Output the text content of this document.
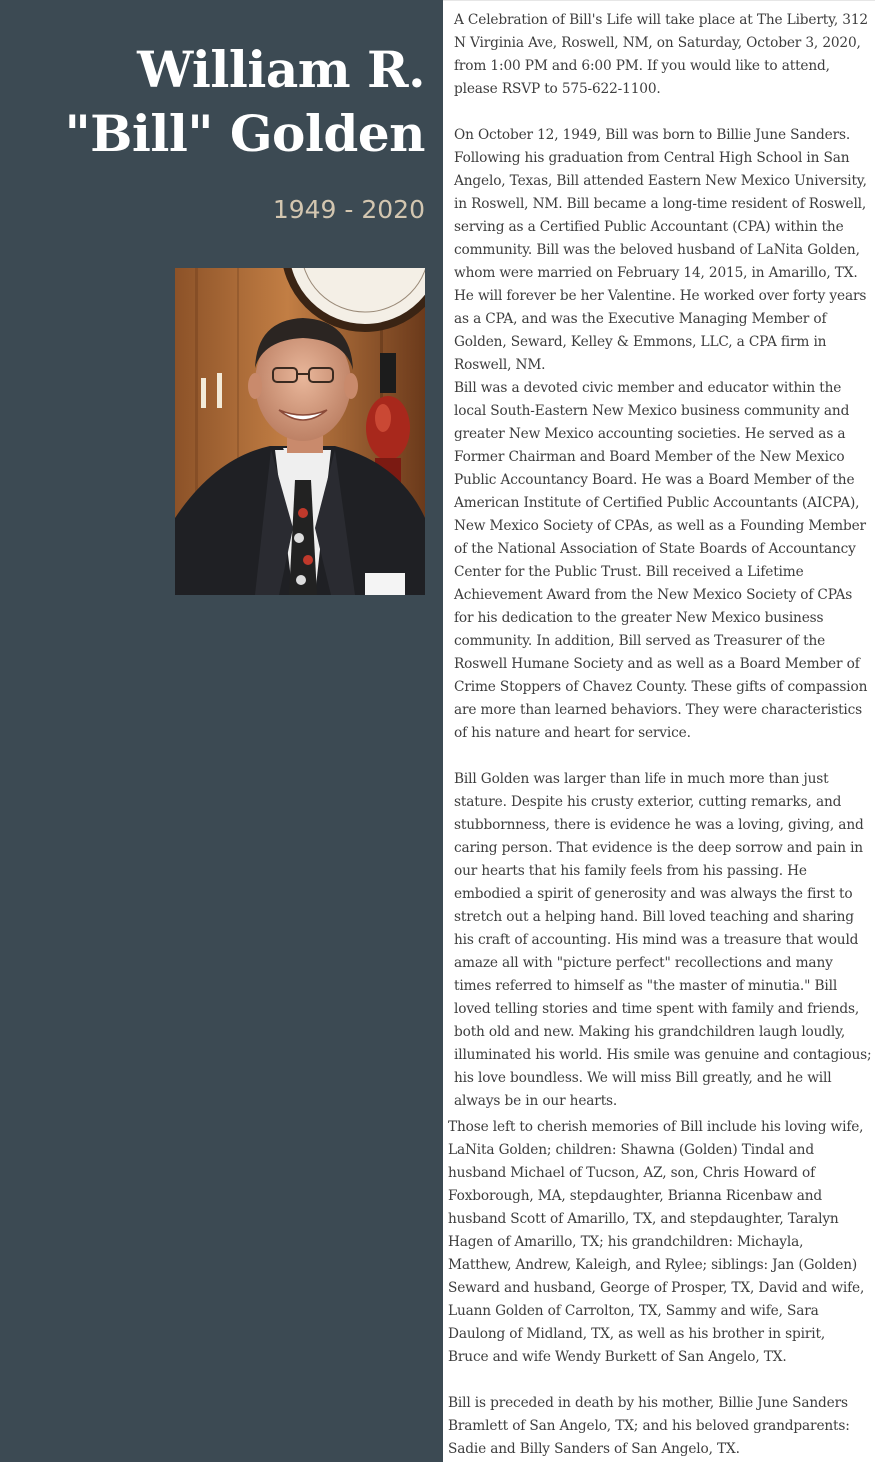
William R. "Bill" Golden
1949 - 2020

A Celebration of Bill's Life will take place at The Liberty, 312 N Virginia Ave, Roswell, NM, on Saturday, October 3, 2020, from 1:00 PM and 6:00 PM. If you would like to attend, please RSVP to 575-622-1100.

On October 12, 1949, Bill was born to Billie June Sanders. Following his graduation from Central High School in San Angelo, Texas, Bill attended Eastern New Mexico University, in Roswell, NM. Bill became a long-time resident of Roswell, serving as a Certified Public Accountant (CPA) within the community. Bill was the beloved husband of LaNita Golden, whom were married on February 14, 2015, in Amarillo, TX. He will forever be her Valentine. He worked over forty years as a CPA, and was the Executive Managing Member of Golden, Seward, Kelley & Emmons, LLC, a CPA firm in Roswell, NM.

Bill was a devoted civic member and educator within the local South-Eastern New Mexico business community and greater New Mexico accounting societies. He served as a Former Chairman and Board Member of the New Mexico Public Accountancy Board. He was a Board Member of the American Institute of Certified Public Accountants (AICPA), New Mexico Society of CPAs, as well as a Founding Member of the National Association of State Boards of Accountancy Center for the Public Trust. Bill received a Lifetime Achievement Award from the New Mexico Society of CPAs for his dedication to the greater New Mexico business community. In addition, Bill served as Treasurer of the Roswell Humane Society and as well as a Board Member of Crime Stoppers of Chavez County. These gifts of compassion are more than learned behaviors. They were characteristics of his nature and heart for service.

Bill Golden was larger than life in much more than just stature. Despite his crusty exterior, cutting remarks, and stubbornness, there is evidence he was a loving, giving, and caring person. That evidence is the deep sorrow and pain in our hearts that his family feels from his passing. He embodied a spirit of generosity and was always the first to stretch out a helping hand. Bill loved teaching and sharing his craft of accounting. His mind was a treasure that would amaze all with "picture perfect" recollections and many times referred to himself as "the master of minutia." Bill loved telling stories and time spent with family and friends, both old and new. Making his grandchildren laugh loudly, illuminated his world. His smile was genuine and contagious; his love boundless. We will miss Bill greatly, and he will always be in our hearts.

Those left to cherish memories of Bill include his loving wife, LaNita Golden; children: Shawna (Golden) Tindal and husband Michael of Tucson, AZ, son, Chris Howard of Foxborough, MA, stepdaughter, Brianna Ricenbaw and husband Scott of Amarillo, TX, and stepdaughter, Taralyn Hagen of Amarillo, TX; his grandchildren: Michayla, Matthew, Andrew, Kaleigh, and Rylee; siblings: Jan (Golden) Seward and husband, George of Prosper, TX, David and wife, Luann Golden of Carrolton, TX, Sammy and wife, Sara Daulong of Midland, TX, as well as his brother in spirit, Bruce and wife Wendy Burkett of San Angelo, TX.

Bill is preceded in death by his mother, Billie June Sanders Bramlett of San Angelo, TX; and his beloved grandparents: Sadie and Billy Sanders of San Angelo, TX.
